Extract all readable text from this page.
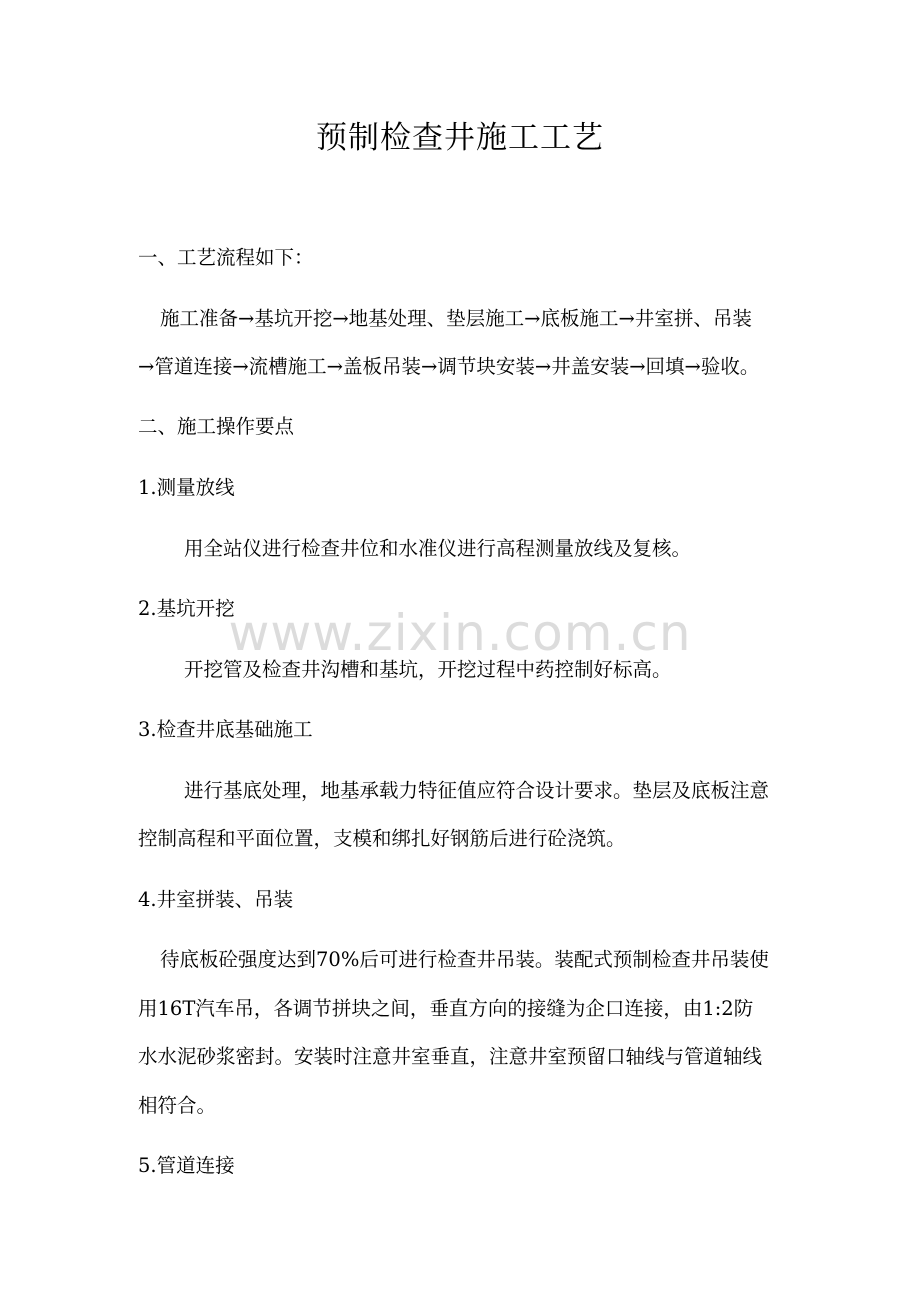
www.zixin.com.cn
预制检查井施工工艺
一、工艺流程如下：
施工准备→基坑开挖→地基处理、垫层施工→底板施工→井室拼、吊装
→管道连接→流槽施工→盖板吊装→调节块安装→井盖安装→回填→验收。
二、施工操作要点
1.测量放线
用全站仪进行检查井位和水准仪进行高程测量放线及复核。
2.基坑开挖
开挖管及检查井沟槽和基坑，开挖过程中药控制好标高。
3.检查井底基础施工
进行基底处理，地基承载力特征值应符合设计要求。垫层及底板注意
控制高程和平面位置，支模和绑扎好钢筋后进行砼浇筑。
4.井室拼装、吊装
待底板砼强度达到70%后可进行检查井吊装。装配式预制检查井吊装使
用16T汽车吊，各调节拼块之间，垂直方向的接缝为企口连接，由1:2防
水水泥砂浆密封。安装时注意井室垂直，注意井室预留口轴线与管道轴线
相符合。
5.管道连接
